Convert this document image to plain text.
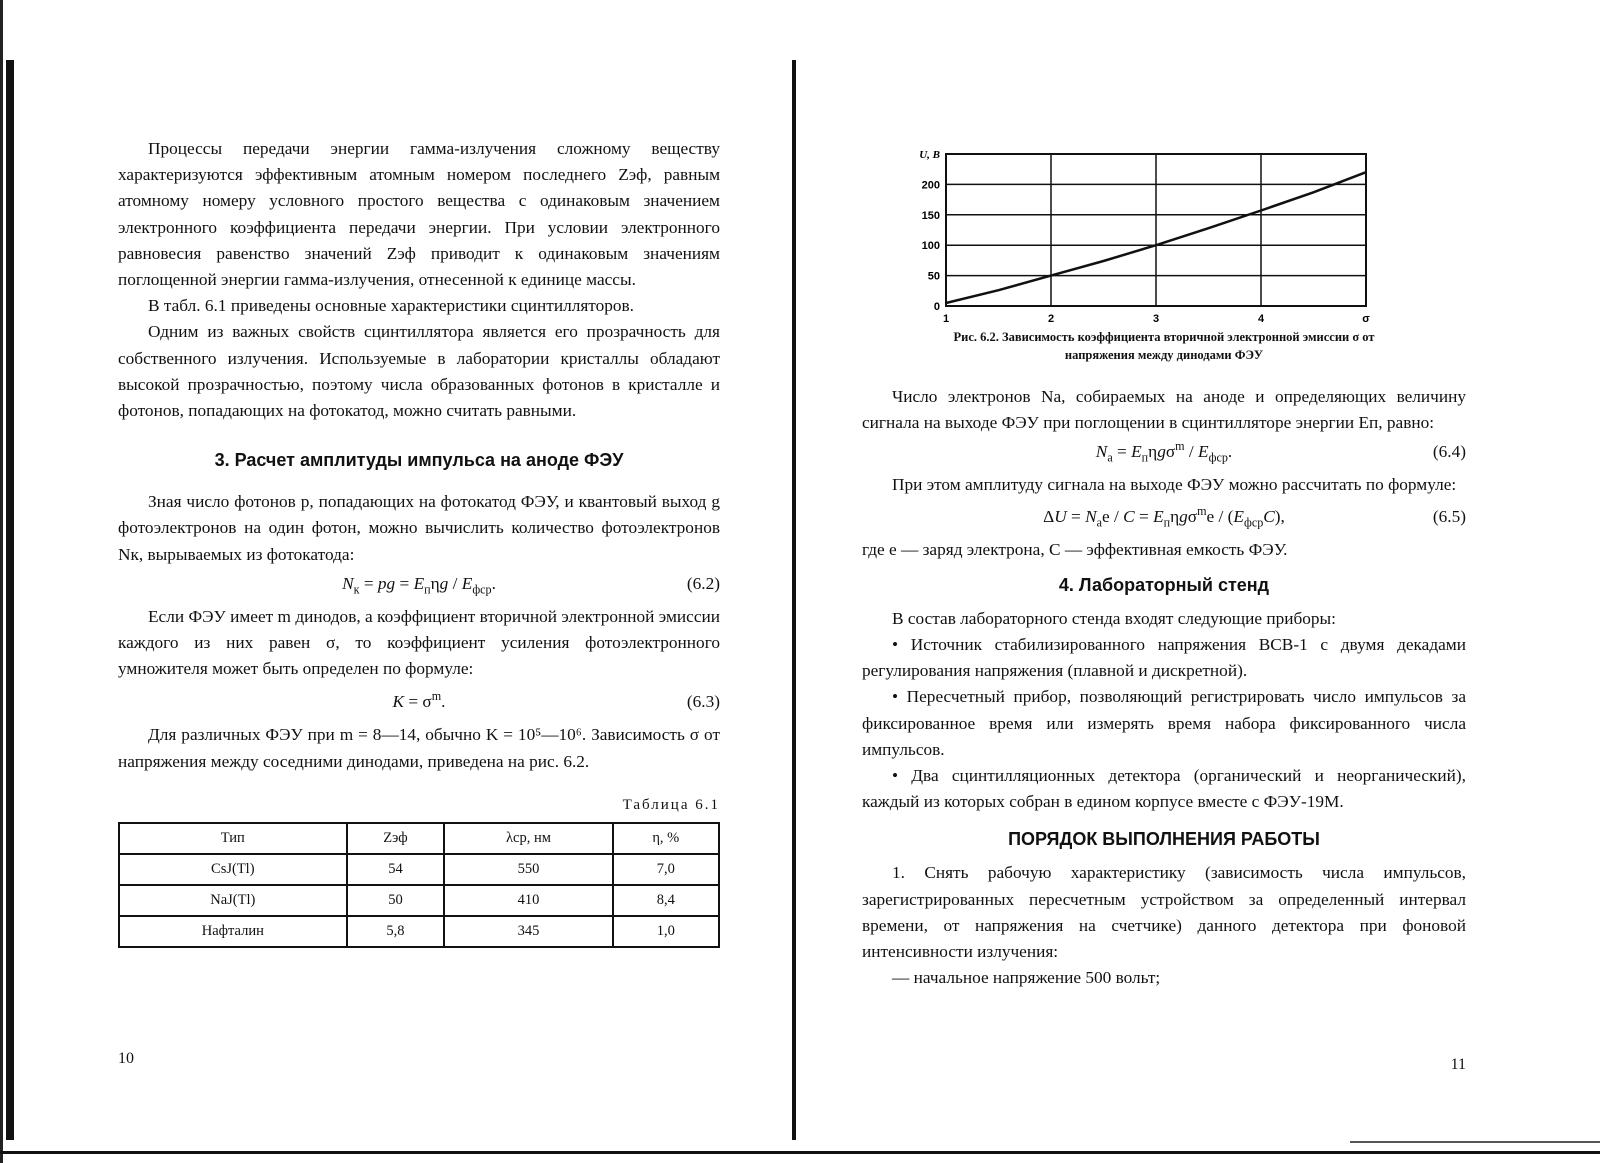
Процессы передачи энергии гамма-излучения сложному веществу характеризуются эффективным атомным номером последнего Zэф, равным атомному номеру условного простого вещества с одинаковым значением электронного коэффициента передачи энергии. При условии электронного равновесия равенство значений Zэф приводит к одинаковым значениям поглощенной энергии гамма-излучения, отнесенной к единице массы.

В табл. 6.1 приведены основные характеристики сцинтилляторов.

Одним из важных свойств сцинтиллятора является его прозрачность для собственного излучения. Используемые в лаборатории кристаллы обладают высокой прозрачностью, поэтому числа образованных фотонов в кристалле и фотонов, попадающих на фотокатод, можно считать равными.

3. Расчет амплитуды импульса на аноде ФЭУ

Зная число фотонов p, попадающих на фотокатод ФЭУ, и квантовый выход g фотоэлектронов на один фотон, можно вычислить количество фотоэлектронов Nк, вырываемых из фотокатода:

$N_к$ = pg = $E_п\eta g / E_{фср}$.	(6.2)

Если ФЭУ имеет m динодов, а коэффициент вторичной электронной эмиссии каждого из них равен σ, то коэффициент усиления фотоэлектронного умножителя может быть определен по формуле:

$K = \sigma^m$.	(6.3)

Для различных ФЭУ при m = 8—14, обычно K = 10⁵—10⁶. Зависимость σ от напряжения между соседними динодами, приведена на рис. 6.2.

Таблица 6.1

Тип	Zэф	λср, нм	η, %
CsJ(Tl)	54	550	7,0
NaJ(Tl)	50	410	8,4
Нафталин	5,8	345	1,0
10
0
50
100
150
200
1	2	3	4	σ
U, B

Рис. 6.2. Зависимость коэффициента вторичной электронной эмиссии σ от напряжения между динодами ФЭУ

Число электронов Nа, собираемых на аноде и определяющих величину сигнала на выходе ФЭУ при поглощении в сцинтилляторе энергии Eп, равно:

$N_а = E_п\eta g\sigma^m / E_{фср}$.	(6.4)

При этом амплитуду сигнала на выходе ФЭУ можно рассчитать по формуле:

$\Delta U = N_аe / C = E_п\eta g\sigma^me / (E_{фср}C)$,	(6.5)

где e — заряд электрона, C — эффективная емкость ФЭУ.

4. Лабораторный стенд

В состав лабораторного стенда входят следующие приборы:

• Источник стабилизированного напряжения ВСВ-1 с двумя декадами регулирования напряжения (плавной и дискретной).

• Пересчетный прибор, позволяющий регистрировать число импульсов за фиксированное время или измерять время набора фиксированного числа импульсов.

• Два сцинтилляционных детектора (органический и неорганический), каждый из которых собран в едином корпусе вместе с ФЭУ-19М.

ПОРЯДОК ВЫПОЛНЕНИЯ РАБОТЫ

1. Снять рабочую характеристику (зависимость числа импульсов, зарегистрированных пересчетным устройством за определенный интервал времени, от напряжения на счетчике) данного детектора при фоновой интенсивности излучения:

— начальное напряжение 500 вольт;

11
